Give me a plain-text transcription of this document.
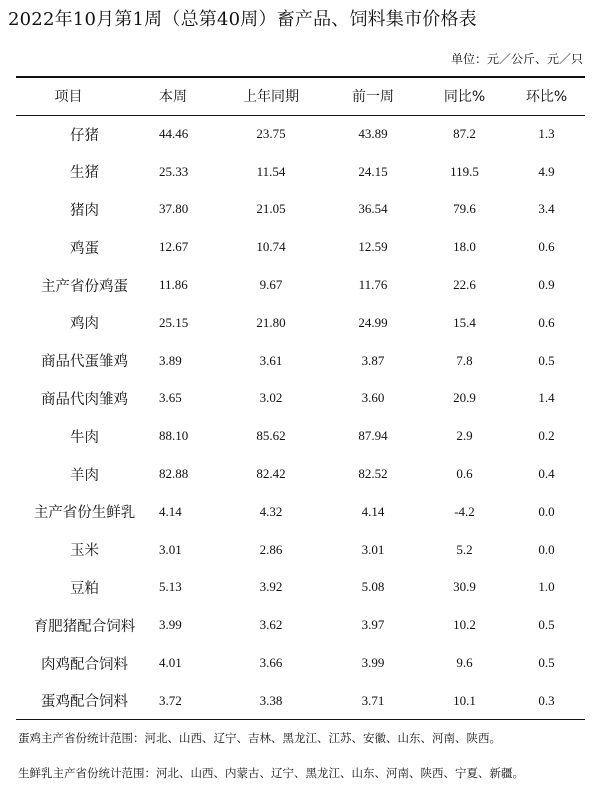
2022年10月第1周（总第40周）畜产品、饲料集市价格表
单位：元／公斤、元／只
项目	本周	上年同期	前一周	同比%	环比%
仔猪	44.46	23.75	43.89	87.2	1.3
生猪	25.33	11.54	24.15	119.5	4.9
猪肉	37.80	21.05	36.54	79.6	3.4
鸡蛋	12.67	10.74	12.59	18.0	0.6
主产省份鸡蛋	11.86	9.67	11.76	22.6	0.9
鸡肉	25.15	21.80	24.99	15.4	0.6
商品代蛋雏鸡	3.89	3.61	3.87	7.8	0.5
商品代肉雏鸡	3.65	3.02	3.60	20.9	1.4
牛肉	88.10	85.62	87.94	2.9	0.2
羊肉	82.88	82.42	82.52	0.6	0.4
主产省份生鲜乳	4.14	4.32	4.14	-4.2	0.0
玉米	3.01	2.86	3.01	5.2	0.0
豆粕	5.13	3.92	5.08	30.9	1.0
育肥猪配合饲料	3.99	3.62	3.97	10.2	0.5
肉鸡配合饲料	4.01	3.66	3.99	9.6	0.5
蛋鸡配合饲料	3.72	3.38	3.71	10.1	0.3
蛋鸡主产省份统计范围：河北、山西、辽宁、吉林、黑龙江、江苏、安徽、山东、河南、陕西。
生鲜乳主产省份统计范围：河北、山西、内蒙古、辽宁、黑龙江、山东、河南、陕西、宁夏、新疆。
